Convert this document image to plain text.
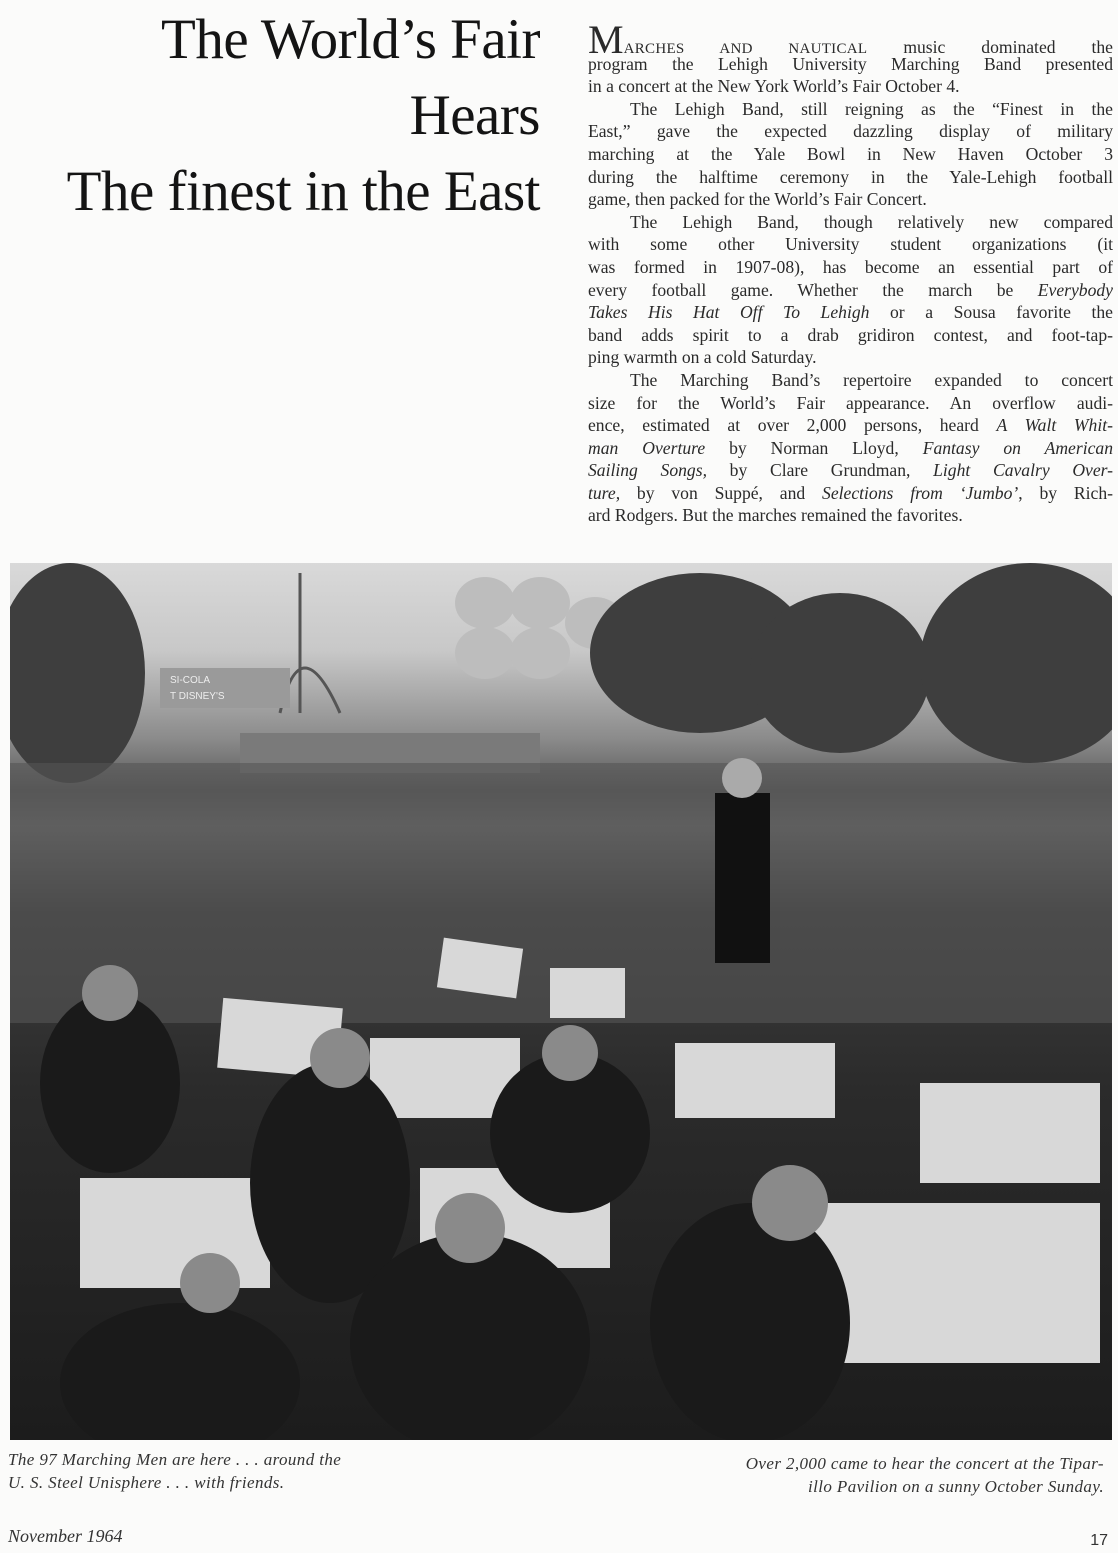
The World’s Fair
Hears
The finest in the East
MARCHES AND NAUTICAL music dominated the
program the Lehigh University Marching Band presented
in a concert at the New York World’s Fair October 4.
The Lehigh Band, still reigning as the “Finest in the
East,” gave the expected dazzling display of military
marching at the Yale Bowl in New Haven October 3
during the halftime ceremony in the Yale-Lehigh football
game, then packed for the World’s Fair Concert.
The Lehigh Band, though relatively new compared
with some other University student organizations (it
was formed in 1907-08), has become an essential part of
every football game. Whether the march be Everybody
Takes His Hat Off To Lehigh or a Sousa favorite the
band adds spirit to a drab gridiron contest, and foot-tap-
ping warmth on a cold Saturday.
The Marching Band’s repertoire expanded to concert
size for the World’s Fair appearance. An overflow audi-
ence, estimated at over 2,000 persons, heard A Walt Whit-
man Overture by Norman Lloyd, Fantasy on American
Sailing Songs, by Clare Grundman, Light Cavalry Over-
ture, by von Suppé, and Selections from ‘Jumbo’, by Rich-
ard Rodgers. But the marches remained the favorites.
SI-COLA
T DISNEY'S
The 97 Marching Men are here . . . around the
U. S. Steel Unisphere . . . with friends.
Over 2,000 came to hear the concert at the Tipar-
illo Pavilion on a sunny October Sunday.
November 1964	17
